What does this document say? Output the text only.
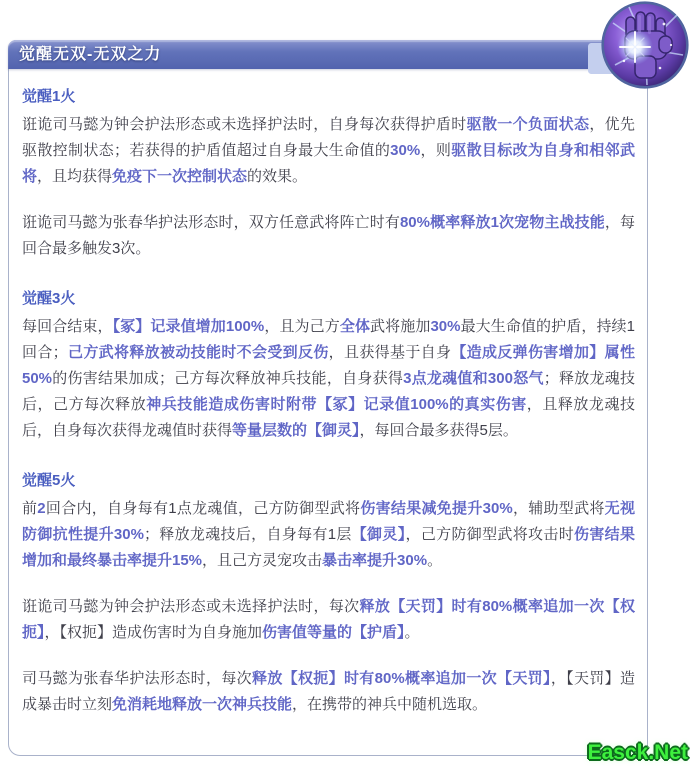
觉醒无双-无双之力
觉醒1火

诳诡司马懿为钟会护法形态或未选择护法时，自身每次获得护盾时驱散一个负面状态，优先驱散控制状态；若获得的护盾值超过自身最大生命值的30%，则驱散目标改为自身和相邻武将，且均获得免疫下一次控制状态的效果。

诳诡司马懿为张春华护法形态时，双方任意武将阵亡时有80%概率释放1次宠物主战技能，每回合最多触发3次。

觉醒3火

每回合结束，【冢】记录值增加100%，且为己方全体武将施加30%最大生命值的护盾，持续1回合；己方武将释放被动技能时不会受到反伤，且获得基于自身【造成反弹伤害增加】属性50%的伤害结果加成；己方每次释放神兵技能，自身获得3点龙魂值和300怒气；释放龙魂技后，己方每次释放神兵技能造成伤害时附带【冢】记录值100%的真实伤害，且释放龙魂技后，自身每次获得龙魂值时获得等量层数的【御灵】，每回合最多获得5层。

觉醒5火

前2回合内，自身每有1点龙魂值，己方防御型武将伤害结果减免提升30%，辅助型武将无视防御抗性提升30%；释放龙魂技后，自身每有1层【御灵】，己方防御型武将攻击时伤害结果增加和最终暴击率提升15%，且己方灵宠攻击暴击率提升30%。

诳诡司马懿为钟会护法形态或未选择护法时，每次释放【天罚】时有80%概率追加一次【权扼】，【权扼】造成伤害时为自身施加伤害值等量的【护盾】。

司马懿为张春华护法形态时，每次释放【权扼】时有80%概率追加一次【天罚】，【天罚】造成暴击时立刻免消耗地释放一次神兵技能，在携带的神兵中随机选取。

Easck.Net
